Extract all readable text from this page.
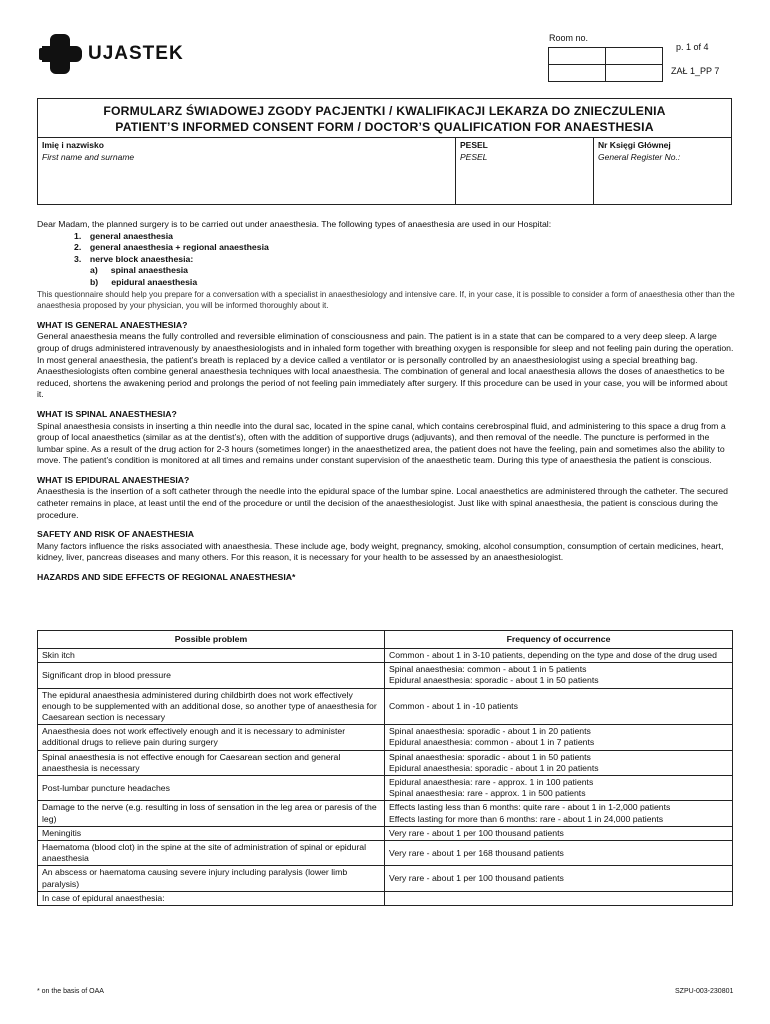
UJASTEK
Room no.

p. 1 of 4
ZAŁ 1_PP 7
FORMULARZ ŚWIADOWEJ ZGODY PACJENTKI / KWALIFIKACJI LEKARZA DO ZNIECZULENIA
PATIENT’S INFORMED CONSENT FORM / DOCTOR’S QUALIFICATION FOR ANAESTHESIA
Imię i nazwisko
First name and surname
PESEL
PESEL
Nr Księgi Głównej
General Register No.:

Dear Madam, the planned surgery is to be carried out under anaesthesia. The following types of anaesthesia are used in our Hospital:

1. general anaesthesia
2. general anaesthesia + regional anaesthesia
3. nerve block anaesthesia:
a)  spinal anaesthesia
b)  epidural anaesthesia

This questionnaire should help you prepare for a conversation with a specialist in anaesthesiology and intensive care. If, in your case, it is possible to consider a form of anaesthesia other than the anaesthesia proposed by your physician, you will be informed thoroughly about it.

WHAT IS GENERAL ANAESTHESIA?

General anaesthesia means the fully controlled and reversible elimination of consciousness and pain. The patient is in a state that can be compared to a very deep sleep. A large group of drugs administered intravenously by anaesthesiologists and in inhaled form together with breathing oxygen is responsible for sleep and not feeling pain during the operation.

In most general anaesthesia, the patient’s breath is replaced by a device called a ventilator or is personally controlled by an anaesthesiologist using a special breathing bag. Anaesthesiologists often combine general anaesthesia techniques with local anaesthesia. The combination of general and local anaesthesia allows the doses of anaesthetics to be reduced, shortens the awakening period and prolongs the period of not feeling pain immediately after surgery. If this procedure can be used in your case, you will be informed about it.

WHAT IS SPINAL ANAESTHESIA?

Spinal anaesthesia consists in inserting a thin needle into the dural sac, located in the spine canal, which contains cerebrospinal fluid, and administering to this space a drug from a group of local anaesthetics (similar as at the dentist’s), often with the addition of supportive drugs (adjuvants), and then removal of the needle. The puncture is performed in the lumbar spine. As a result of the drug action for 2-3 hours (sometimes longer) in the anaesthetized area, the patient does not have the feeling, pain and sometimes also the ability to move. The patient’s condition is monitored at all times and remains under constant supervision of the anaesthetic team. During this type of anaesthesia the patient is conscious.

WHAT IS EPIDURAL ANAESTHESIA?

Anaesthesia is the insertion of a soft catheter through the needle into the epidural space of the lumbar spine. Local anaesthetics are administered through the catheter. The secured catheter remains in place, at least until the end of the procedure or until the decision of the anaesthesiologist. Just like with spinal anaesthesia, the patient is conscious during the procedure.

SAFETY AND RISK OF ANAESTHESIA

Many factors influence the risks associated with anaesthesia. These include age, body weight, pregnancy, smoking, alcohol consumption, consumption of certain medicines, heart, kidney, liver, pancreas diseases and many others. For this reason, it is necessary for your health to be assessed by an anaesthesiologist.

HAZARDS AND SIDE EFFECTS OF REGIONAL ANAESTHESIA*

Possible problem	Frequency of occurrence
Skin itch	Common - about 1 in 3-10 patients, depending on the type and dose of the drug used
Significant drop in blood pressure	Spinal anaesthesia: common - about 1 in 5 patients
Epidural anaesthesia: sporadic - about 1 in 50 patients
The epidural anaesthesia administered during childbirth does not work effectively enough to be supplemented with an additional dose, so another type of anaesthesia for Caesarean section is necessary	Common - about 1 in -10 patients
Anaesthesia does not work effectively enough and it is necessary to administer additional drugs to relieve pain during surgery	Spinal anaesthesia: sporadic - about 1 in 20 patients
Epidural anaesthesia: common - about 1 in 7 patients
Spinal anaesthesia is not effective enough for Caesarean section and general anaesthesia is necessary	Spinal anaesthesia: sporadic - about 1 in 50 patients
Epidural anaesthesia: sporadic - about 1 in 20 patients
Post-lumbar puncture headaches	Epidural anaesthesia: rare - approx. 1 in 100 patients
Spinal anaesthesia: rare - approx. 1 in 500 patients
Damage to the nerve (e.g. resulting in loss of sensation in the leg area or paresis of the leg)	Effects lasting less than 6 months: quite rare - about 1 in 1-2,000 patients
Effects lasting for more than 6 months: rare - about 1 in 24,000 patients
Meningitis	Very rare - about 1 per 100 thousand patients
Haematoma (blood clot) in the spine at the site of administration of spinal or epidural anaesthesia	Very rare - about 1 per 168 thousand patients
An abscess or haematoma causing severe injury including paralysis (lower limb paralysis)	Very rare - about 1 per 100 thousand patients
In case of epidural anaesthesia:	
* on the basis of OAA	SZPU-003-230801
